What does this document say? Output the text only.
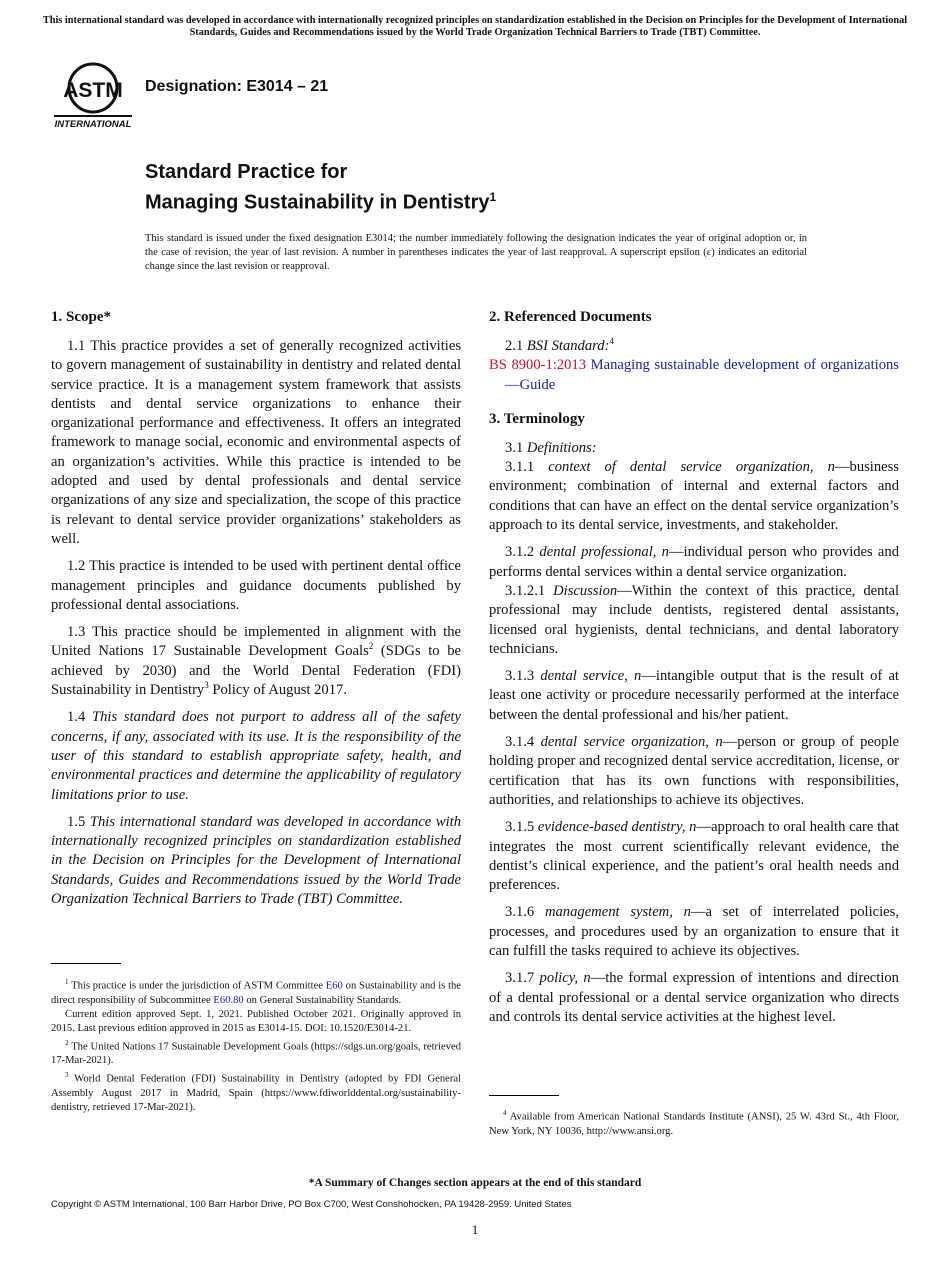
This international standard was developed in accordance with internationally recognized principles on standardization established in the Decision on Principles for the Development of International Standards, Guides and Recommendations issued by the World Trade Organization Technical Barriers to Trade (TBT) Committee.
ASTM
INTERNATIONAL
Designation: E3014 – 21
Standard Practice for
Managing Sustainability in Dentistry$^1$
This standard is issued under the fixed designation E3014; the number immediately following the designation indicates the year of original adoption or, in the case of revision, the year of last revision. A number in parentheses indicates the year of last reapproval. A superscript epsilon (ε) indicates an editorial change since the last revision or reapproval.
1. Scope*

1.1 This practice provides a set of generally recognized activities to govern management of sustainability in dentistry and related dental service practice. It is a management system framework that assists dentists and dental service organizations to enhance their organizational performance and effectiveness. It offers an integrated framework to manage social, economic and environmental aspects of an organization’s activities. While this practice is intended to be adopted and used by dental professionals and dental service organizations of any size and specialization, the scope of this practice is relevant to dental service provider organizations’ stakeholders as well.

1.2 This practice is intended to be used with pertinent dental office management principles and guidance documents published by professional dental associations.

1.3 This practice should be implemented in alignment with the United Nations 17 Sustainable Development Goals$^2$ (SDGs to be achieved by 2030) and the World Dental Federation (FDI) Sustainability in Dentistry$^3$ Policy of August 2017.

1.4 This standard does not purport to address all of the safety concerns, if any, associated with its use. It is the responsibility of the user of this standard to establish appropriate safety, health, and environmental practices and determine the applicability of regulatory limitations prior to use.

1.5 This international standard was developed in accordance with internationally recognized principles on standardization established in the Decision on Principles for the Development of International Standards, Guides and Recommendations issued by the World Trade Organization Technical Barriers to Trade (TBT) Committee.

2. Referenced Documents

2.1 BSI Standard:$^4$

BS 8900-1:2013 Managing sustainable development of organizations—Guide
3. Terminology

3.1 Definitions:

3.1.1 context of dental service organization, n—business environment; combination of internal and external factors and conditions that can have an effect on the dental service organization’s approach to its dental service, investments, and stakeholder.

3.1.2 dental professional, n—individual person who provides and performs dental services within a dental service organization.

3.1.2.1 Discussion—Within the context of this practice, dental professional may include dentists, registered dental assistants, licensed oral hygienists, dental technicians, and dental laboratory technicians.

3.1.3 dental service, n—intangible output that is the result of at least one activity or procedure necessarily performed at the interface between the dental professional and his/her patient.

3.1.4 dental service organization, n—person or group of people holding proper and recognized dental service accreditation, license, or certification that has its own functions with responsibilities, authorities, and relationships to achieve its objectives.

3.1.5 evidence-based dentistry, n—approach to oral health care that integrates the most current scientifically relevant evidence, the dentist’s clinical experience, and the patient’s oral health needs and preferences.

3.1.6 management system, n—a set of interrelated policies, processes, and procedures used by an organization to ensure that it can fulfill the tasks required to achieve its objectives.

3.1.7 policy, n—the formal expression of intentions and direction of a dental professional or a dental service organization who directs and controls its dental service activities at the highest level.

$^1$ This practice is under the jurisdiction of ASTM Committee E60 on Sustainability and is the direct responsibility of Subcommittee E60.80 on General Sustainability Standards.

Current edition approved Sept. 1, 2021. Published October 2021. Originally approved in 2015. Last previous edition approved in 2015 as E3014-15. DOI: 10.1520/E3014-21.

$^2$ The United Nations 17 Sustainable Development Goals (https://sdgs.un.org/goals, retrieved 17-Mar-2021).

$^3$ World Dental Federation (FDI) Sustainability in Dentistry (adopted by FDI General Assembly August 2017 in Madrid, Spain (https://www.fdiworlddental.org/sustainability-dentistry, retrieved 17-Mar-2021).

$^4$ Available from American National Standards Institute (ANSI), 25 W. 43rd St., 4th Floor, New York, NY 10036, http://www.ansi.org.

*A Summary of Changes section appears at the end of this standard
Copyright © ASTM International, 100 Barr Harbor Drive, PO Box C700, West Conshohocken, PA 19428-2959. United States
1
